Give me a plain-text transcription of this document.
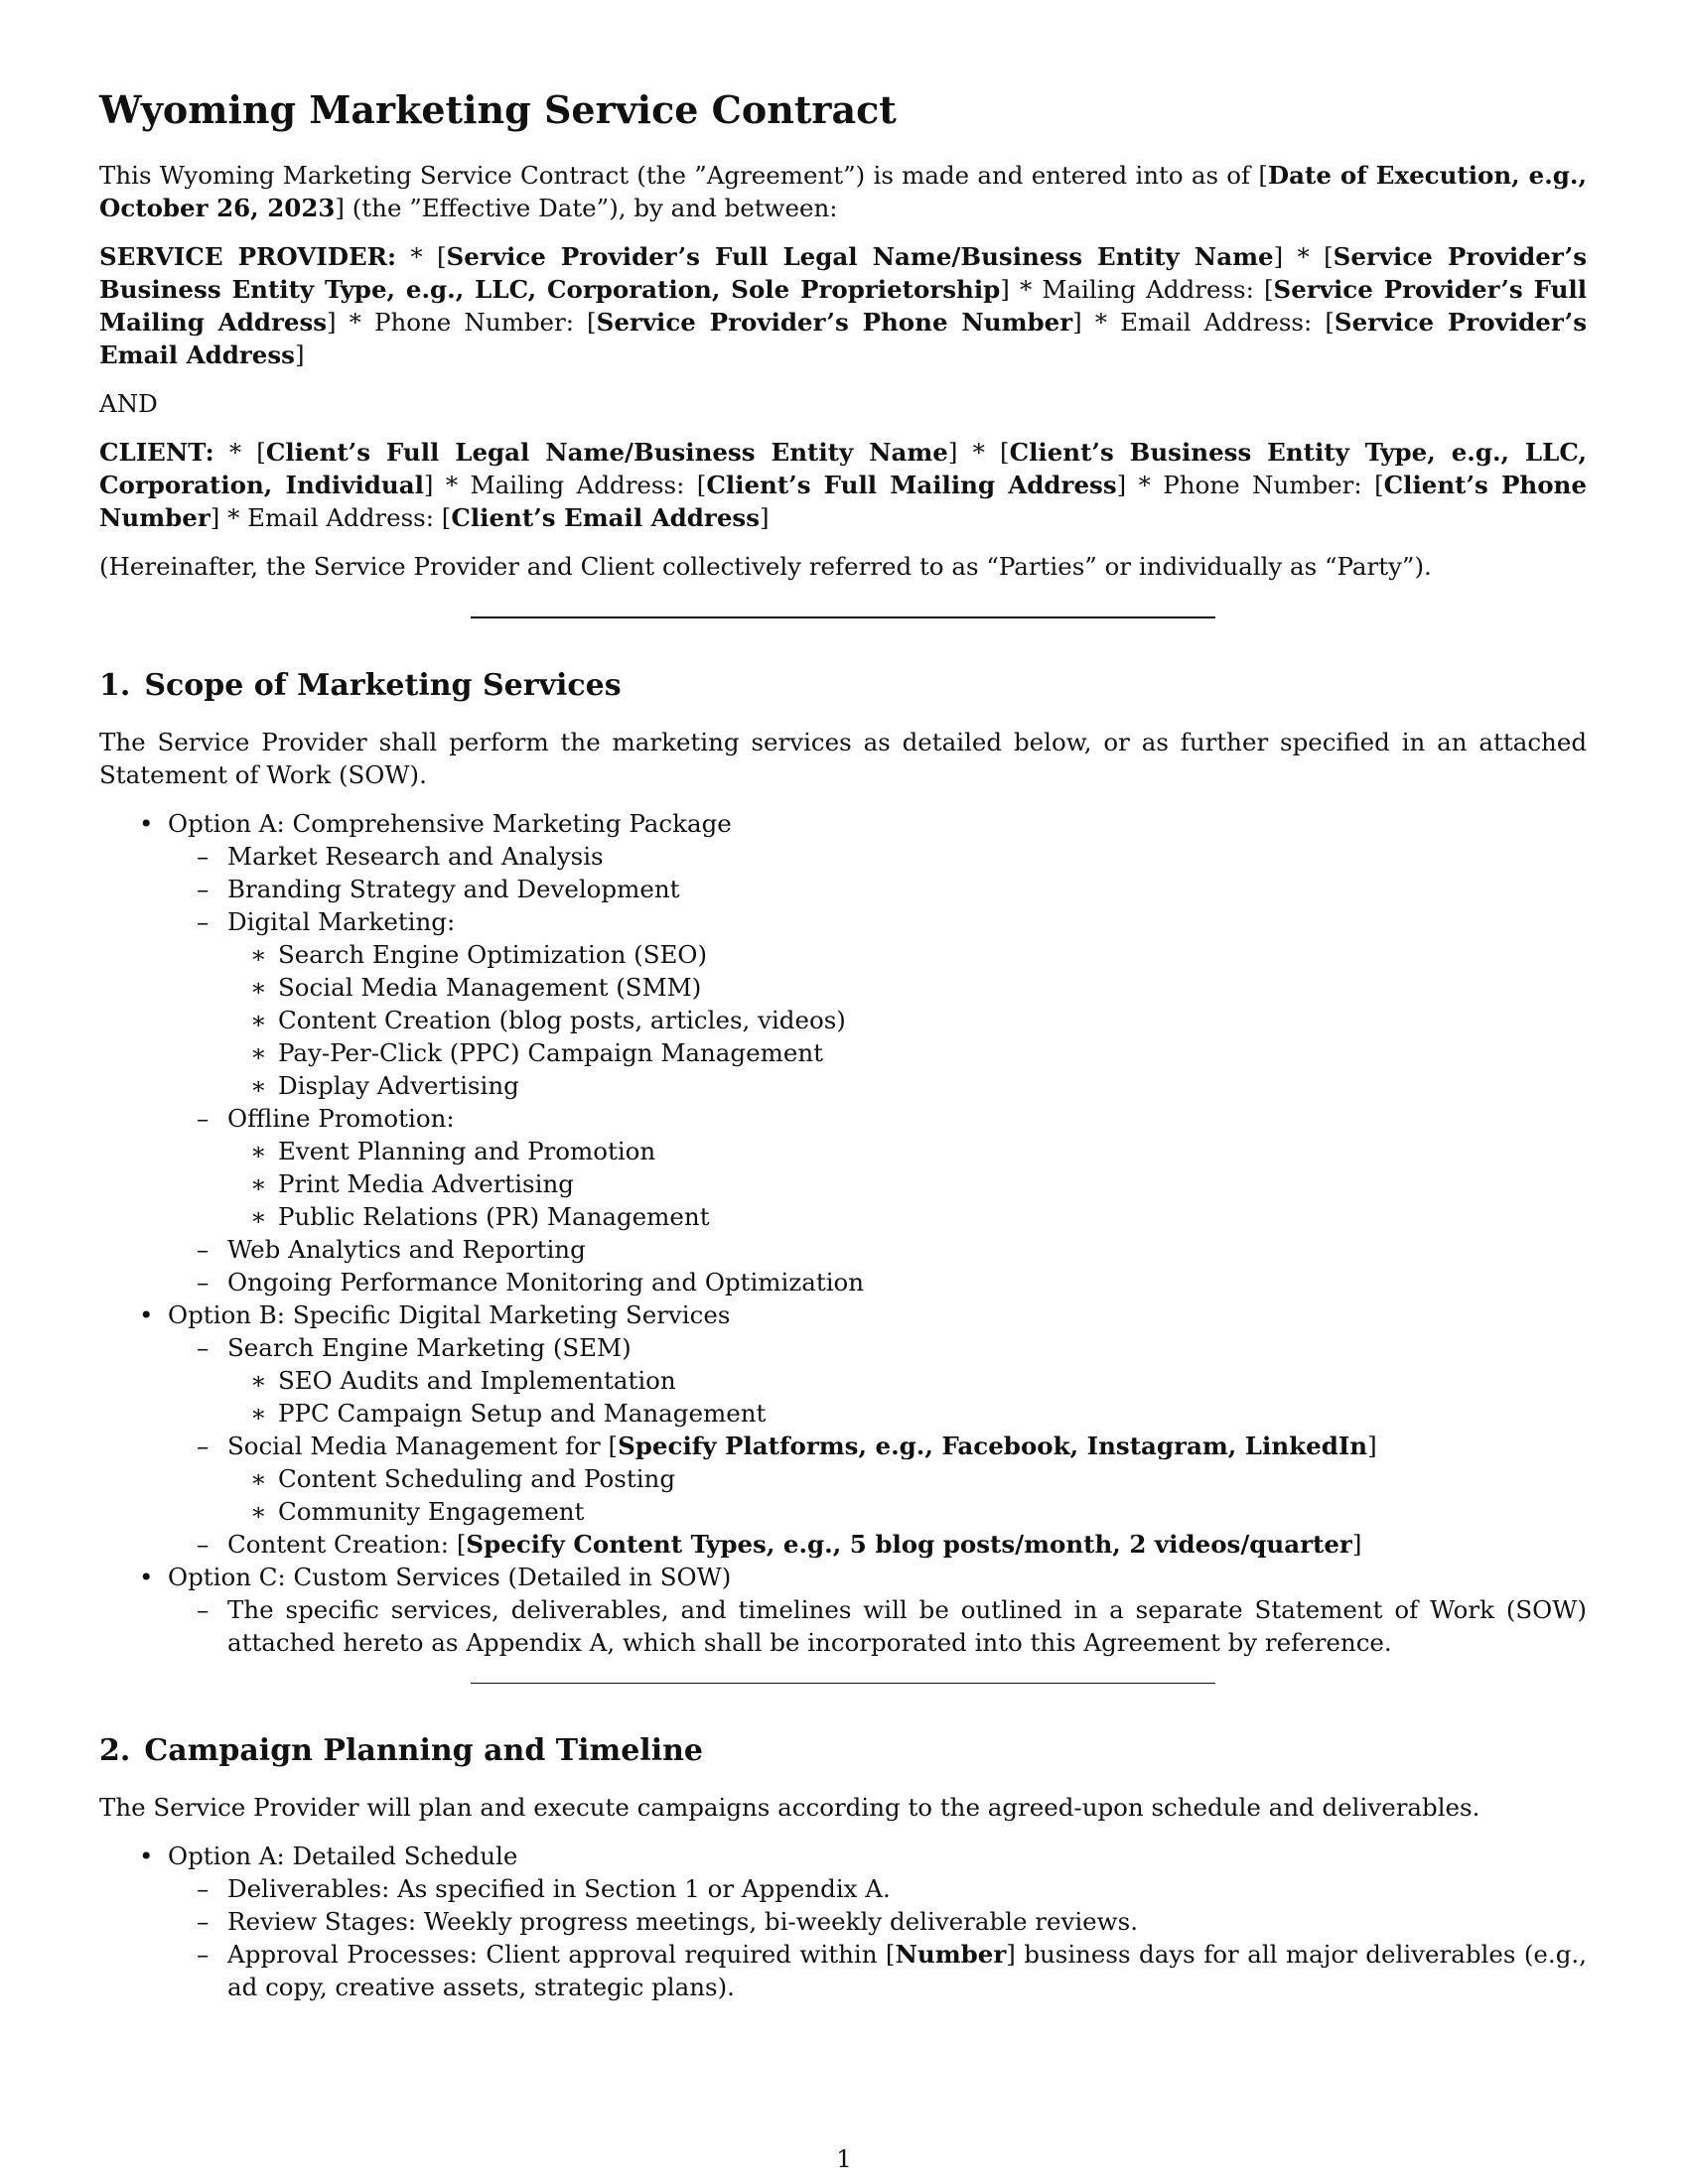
Wyoming Marketing Service Contract

This Wyoming Marketing Service Contract (the ”Agreement”) is made and entered into as of [Date of Execution, e.g., October 26, 2023] (the ”Effective Date”), by and between:

SERVICE PROVIDER: * [Service Provider’s Full Legal Name/Business Entity Name] * [Service Provider’s Business Entity Type, e.g., LLC, Corporation, Sole Proprietorship] * Mailing Address: [Service Provider’s Full Mailing Address] * Phone Number: [Service Provider’s Phone Number] * Email Address: [Service Provider’s Email Address]

AND

CLIENT: * [Client’s Full Legal Name/Business Entity Name] * [Client’s Business Entity Type, e.g., LLC, Corporation, Individual] * Mailing Address: [Client’s Full Mailing Address] * Phone Number: [Client’s Phone Number] * Email Address: [Client’s Email Address]

(Hereinafter, the Service Provider and Client collectively referred to as “Parties” or individually as “Party”).

1. Scope of Marketing Services

The Service Provider shall perform the marketing services as detailed below, or as further specified in an attached Statement of Work (SOW).

• Option A: Comprehensive Marketing Package
– Market Research and Analysis
– Branding Strategy and Development
– Digital Marketing:
∗ Search Engine Optimization (SEO)
∗ Social Media Management (SMM)
∗ Content Creation (blog posts, articles, videos)
∗ Pay-Per-Click (PPC) Campaign Management
∗ Display Advertising
– Offline Promotion:
∗ Event Planning and Promotion
∗ Print Media Advertising
∗ Public Relations (PR) Management
– Web Analytics and Reporting
– Ongoing Performance Monitoring and Optimization
• Option B: Specific Digital Marketing Services
– Search Engine Marketing (SEM)
∗ SEO Audits and Implementation
∗ PPC Campaign Setup and Management
– Social Media Management for [Specify Platforms, e.g., Facebook, Instagram, LinkedIn]
∗ Content Scheduling and Posting
∗ Community Engagement
– Content Creation: [Specify Content Types, e.g., 5 blog posts/month, 2 videos/quarter]
• Option C: Custom Services (Detailed in SOW)
– The specific services, deliverables, and timelines will be outlined in a separate Statement of Work (SOW) attached hereto as Appendix A, which shall be incorporated into this Agreement by reference.
2. Campaign Planning and Timeline

The Service Provider will plan and execute campaigns according to the agreed-upon schedule and deliverables.

• Option A: Detailed Schedule
– Deliverables: As specified in Section 1 or Appendix A.
– Review Stages: Weekly progress meetings, bi-weekly deliverable reviews.
– Approval Processes: Client approval required within [Number] business days for all major deliverables (e.g., ad copy, creative assets, strategic plans).
1
